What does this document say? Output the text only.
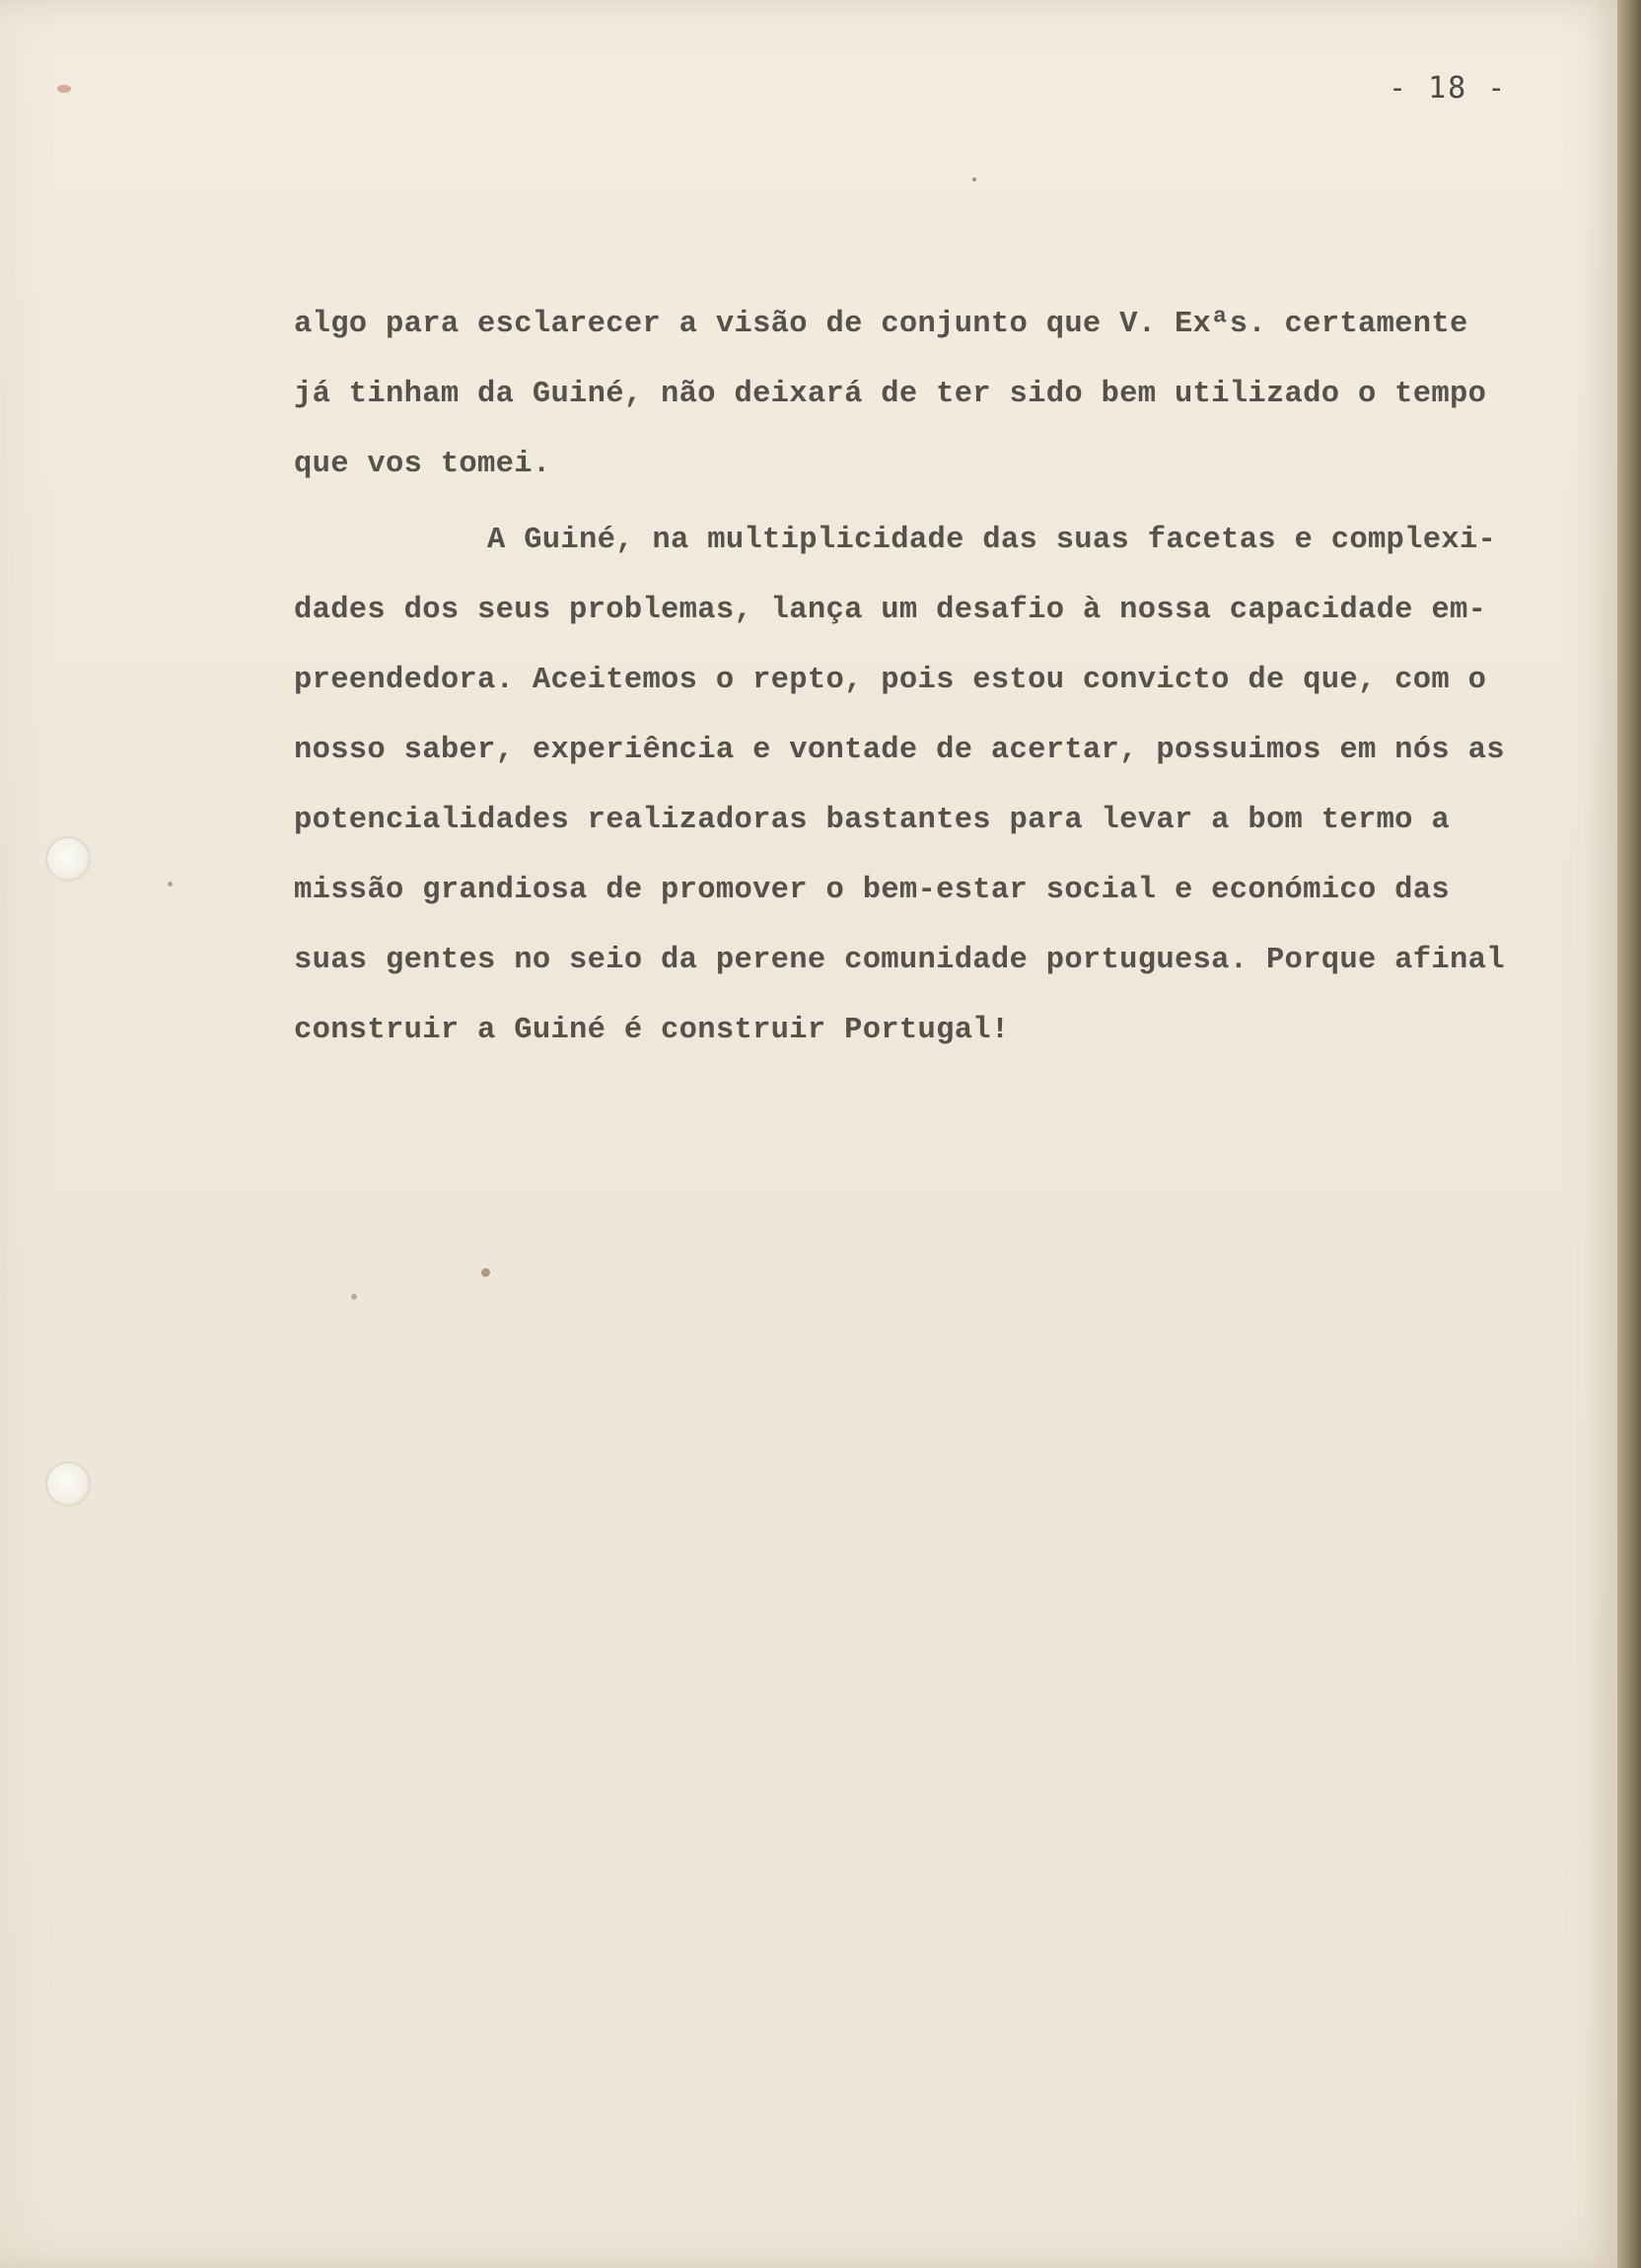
- 18 -
algo para esclarecer a visão de conjunto que V. Exªs. certamente
já tinham da Guiné, não deixará de ter sido bem utilizado o tempo
que vos tomei.
A Guiné, na multiplicidade das suas facetas e complexi-
dades dos seus problemas, lança um desafio à nossa capacidade em-
preendedora. Aceitemos o repto, pois estou convicto de que, com o
nosso saber, experiência e vontade de acertar, possuimos em nós as
potencialidades realizadoras bastantes para levar a bom termo a
missão grandiosa de promover o bem-estar social e económico das
suas gentes no seio da perene comunidade portuguesa. Porque afinal
construir a Guiné é construir Portugal!
